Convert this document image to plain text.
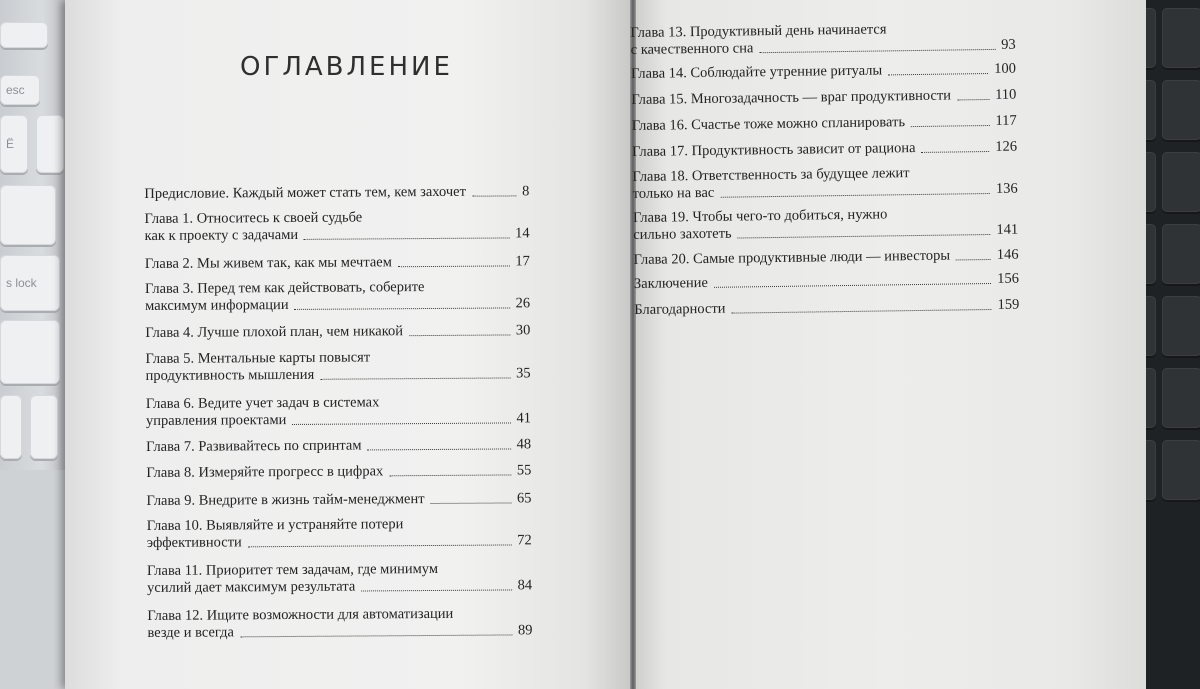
esc
Ё
s lock
ОГЛАВЛЕНИЕ
Предисловие. Каждый может стать тем, кем захочет	8
Глава 1. Относитесь к своей судьбе
как к проекту с задачами	14
Глава 2. Мы живем так, как мы мечтаем	17
Глава 3. Перед тем как действовать, соберите
максимум информации	26
Глава 4. Лучше плохой план, чем никакой	30
Глава 5. Ментальные карты повысят
продуктивность мышления	35
Глава 6. Ведите учет задач в системах
управления проектами	41
Глава 7. Развивайтесь по спринтам	48
Глава 8. Измеряйте прогресс в цифрах	55
Глава 9. Внедрите в жизнь тайм-менеджмент	65
Глава 10. Выявляйте и устраняйте потери
эффективности	72
Глава 11. Приоритет тем задачам, где минимум
усилий дает максимум результата	84
Глава 12. Ищите возможности для автоматизации
везде и всегда	89
Глава 13. Продуктивный день начинается
с качественного сна	93
Глава 14. Соблюдайте утренние ритуалы	100
Глава 15. Многозадачность — враг продуктивности	110
Глава 16. Счастье тоже можно спланировать	117
Глава 17. Продуктивность зависит от рациона	126
Глава 18. Ответственность за будущее лежит
только на вас	136
Глава 19. Чтобы чего-то добиться, нужно
сильно захотеть	141
Глава 20. Самые продуктивные люди — инвесторы	146
Заключение	156
Благодарности	159
